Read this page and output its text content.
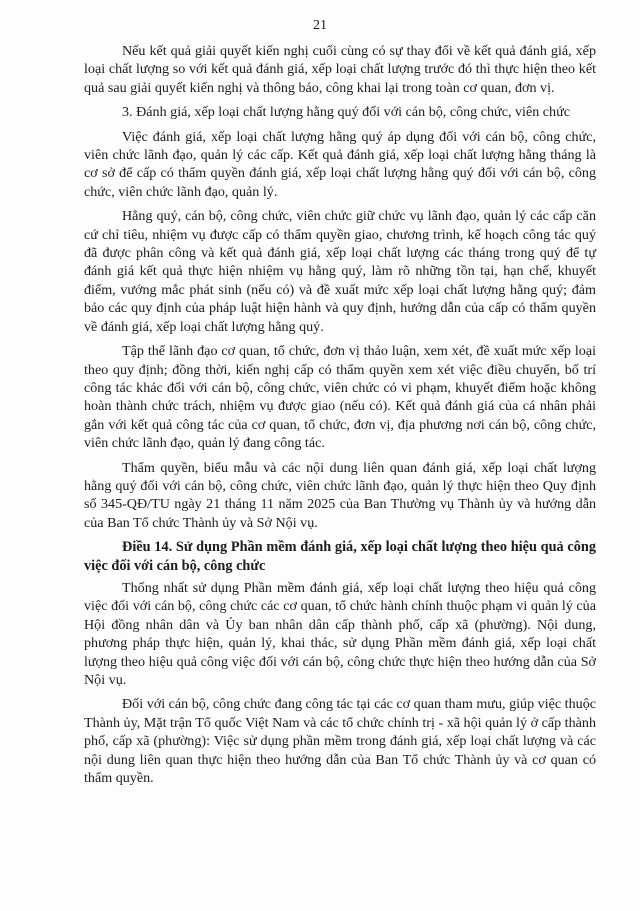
21

Nếu kết quả giải quyết kiến nghị cuối cùng có sự thay đổi về kết quả đánh giá, xếp loại chất lượng so với kết quả đánh giá, xếp loại chất lượng trước đó thì thực hiện theo kết quả sau giải quyết kiến nghị và thông báo, công khai lại trong toàn cơ quan, đơn vị.

3. Đánh giá, xếp loại chất lượng hằng quý đối với cán bộ, công chức, viên chức

Việc đánh giá, xếp loại chất lượng hằng quý áp dụng đối với cán bộ, công chức, viên chức lãnh đạo, quản lý các cấp. Kết quả đánh giá, xếp loại chất lượng hằng tháng là cơ sở để cấp có thẩm quyền đánh giá, xếp loại chất lượng hằng quý đối với cán bộ, công chức, viên chức lãnh đạo, quản lý.

Hằng quý, cán bộ, công chức, viên chức giữ chức vụ lãnh đạo, quản lý các cấp căn cứ chỉ tiêu, nhiệm vụ được cấp có thẩm quyền giao, chương trình, kế hoạch công tác quý đã được phân công và kết quả đánh giá, xếp loại chất lượng các tháng trong quý để tự đánh giá kết quả thực hiện nhiệm vụ hằng quý, làm rõ những tồn tại, hạn chế, khuyết điểm, vướng mắc phát sinh (nếu có) và đề xuất mức xếp loại chất lượng hằng quý; đảm bảo các quy định của pháp luật hiện hành và quy định, hướng dẫn của cấp có thẩm quyền về đánh giá, xếp loại chất lượng hằng quý.

Tập thể lãnh đạo cơ quan, tổ chức, đơn vị thảo luận, xem xét, đề xuất mức xếp loại theo quy định; đồng thời, kiến nghị cấp có thẩm quyền xem xét việc điều chuyển, bố trí công tác khác đối với cán bộ, công chức, viên chức có vi phạm, khuyết điểm hoặc không hoàn thành chức trách, nhiệm vụ được giao (nếu có). Kết quả đánh giá của cá nhân phải gắn với kết quả công tác của cơ quan, tổ chức, đơn vị, địa phương nơi cán bộ, công chức, viên chức lãnh đạo, quản lý đang công tác.

Thẩm quyền, biểu mẫu và các nội dung liên quan đánh giá, xếp loại chất lượng hằng quý đối với cán bộ, công chức, viên chức lãnh đạo, quản lý thực hiện theo Quy định số 345-QĐ/TU ngày 21 tháng 11 năm 2025 của Ban Thường vụ Thành ủy và hướng dẫn của Ban Tổ chức Thành ủy và Sở Nội vụ.

Điều 14. Sử dụng Phần mềm đánh giá, xếp loại chất lượng theo hiệu quả công việc đối với cán bộ, công chức

Thống nhất sử dụng Phần mềm đánh giá, xếp loại chất lượng theo hiệu quả công việc đối với cán bộ, công chức các cơ quan, tổ chức hành chính thuộc phạm vi quản lý của Hội đồng nhân dân và Ủy ban nhân dân cấp thành phố, cấp xã (phường). Nội dung, phương pháp thực hiện, quản lý, khai thác, sử dụng Phần mềm đánh giá, xếp loại chất lượng theo hiệu quả công việc đối với cán bộ, công chức thực hiện theo hướng dẫn của Sở Nội vụ.

Đối với cán bộ, công chức đang công tác tại các cơ quan tham mưu, giúp việc thuộc Thành ủy, Mặt trận Tổ quốc Việt Nam và các tổ chức chính trị - xã hội quản lý ở cấp thành phố, cấp xã (phường): Việc sử dụng phần mềm trong đánh giá, xếp loại chất lượng và các nội dung liên quan thực hiện theo hướng dẫn của Ban Tổ chức Thành ủy và cơ quan có thẩm quyền.
